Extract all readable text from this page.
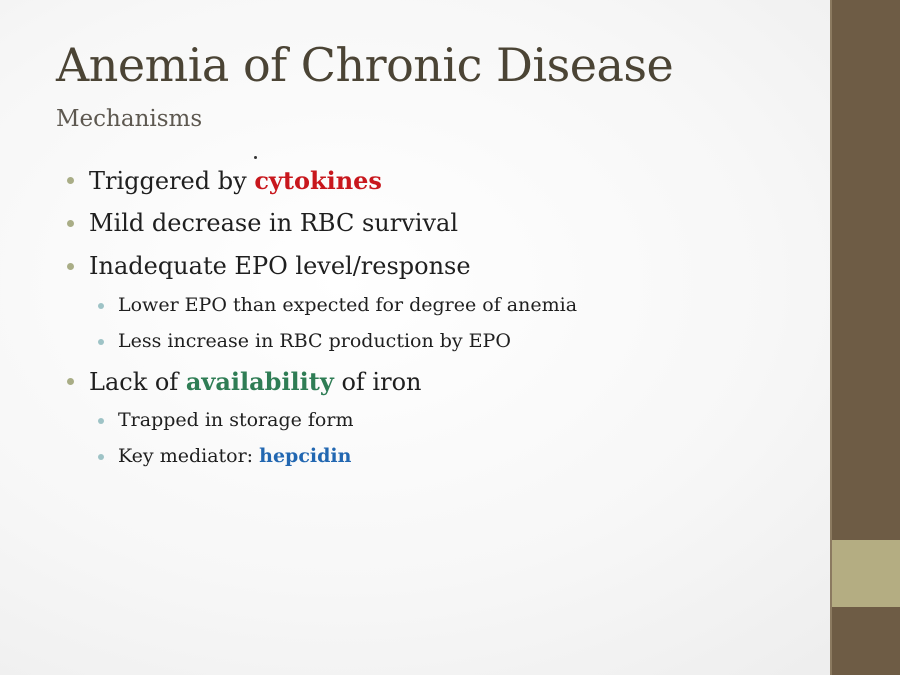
Anemia of Chronic Disease
Mechanisms
Triggered by cytokines
Mild decrease in RBC survival
Inadequate EPO level/response
Lower EPO than expected for degree of anemia
Less increase in RBC production by EPO
Lack of availability of iron
Trapped in storage form
Key mediator: hepcidin
